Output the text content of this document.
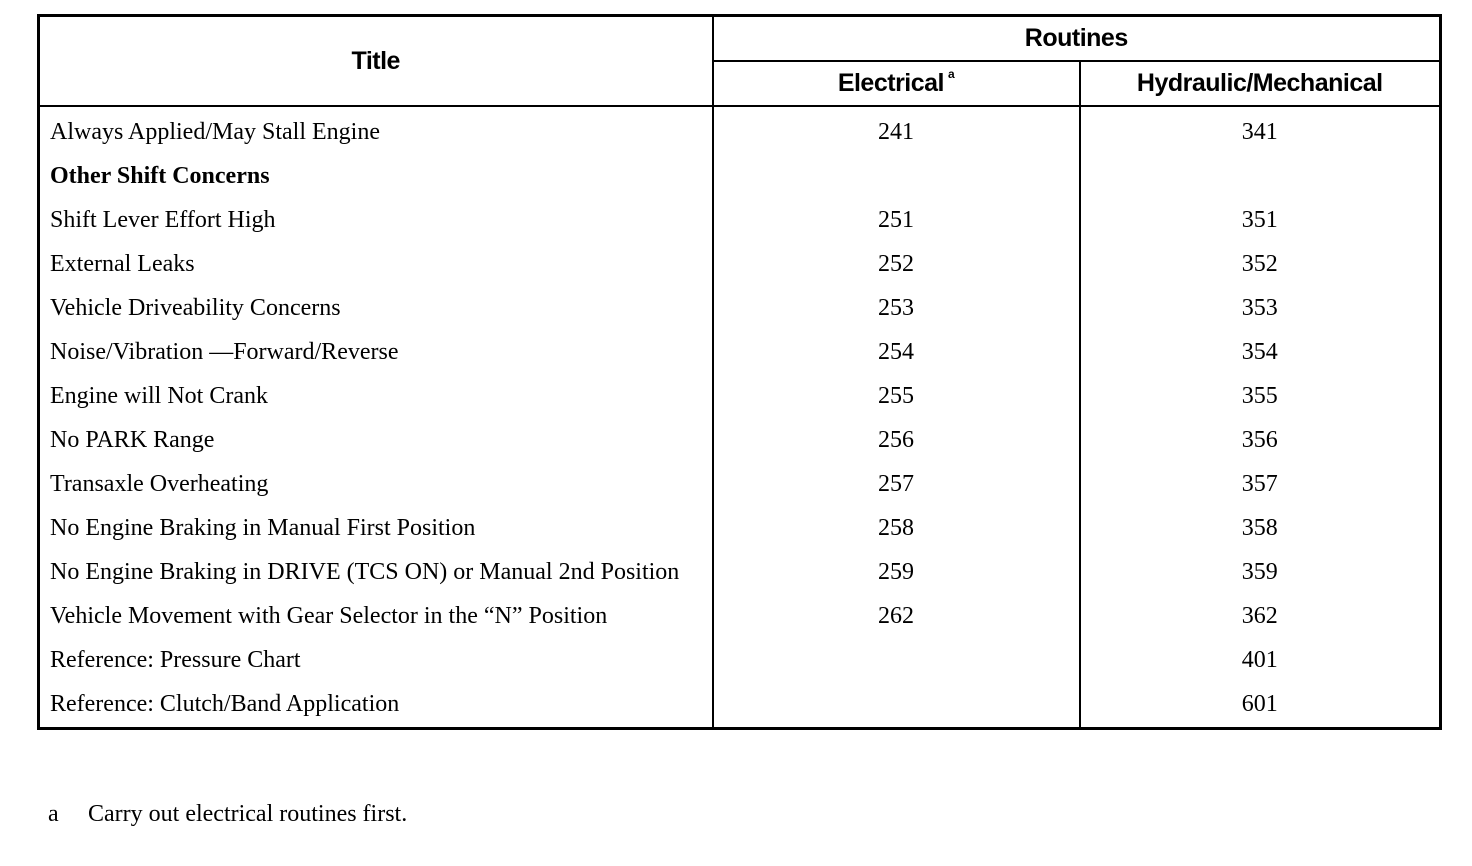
Title	Routines	
	Electrical $^a$	Hydraulic/Mechanical
Always Applied/May Stall Engine	241	341
Other Shift Concerns		
Shift Lever Effort High	251	351
External Leaks	252	352
Vehicle Driveability Concerns	253	353
Noise/Vibration —Forward/Reverse	254	354
Engine will Not Crank	255	355
No PARK Range	256	356
Transaxle Overheating	257	357
No Engine Braking in Manual First Position	258	358
No Engine Braking in DRIVE (TCS ON) or Manual 2nd Position	259	359
Vehicle Movement with Gear Selector in the “N” Position	262	362
Reference: Pressure Chart		401
Reference: Clutch/Band Application		601
a Carry out electrical routines first.
